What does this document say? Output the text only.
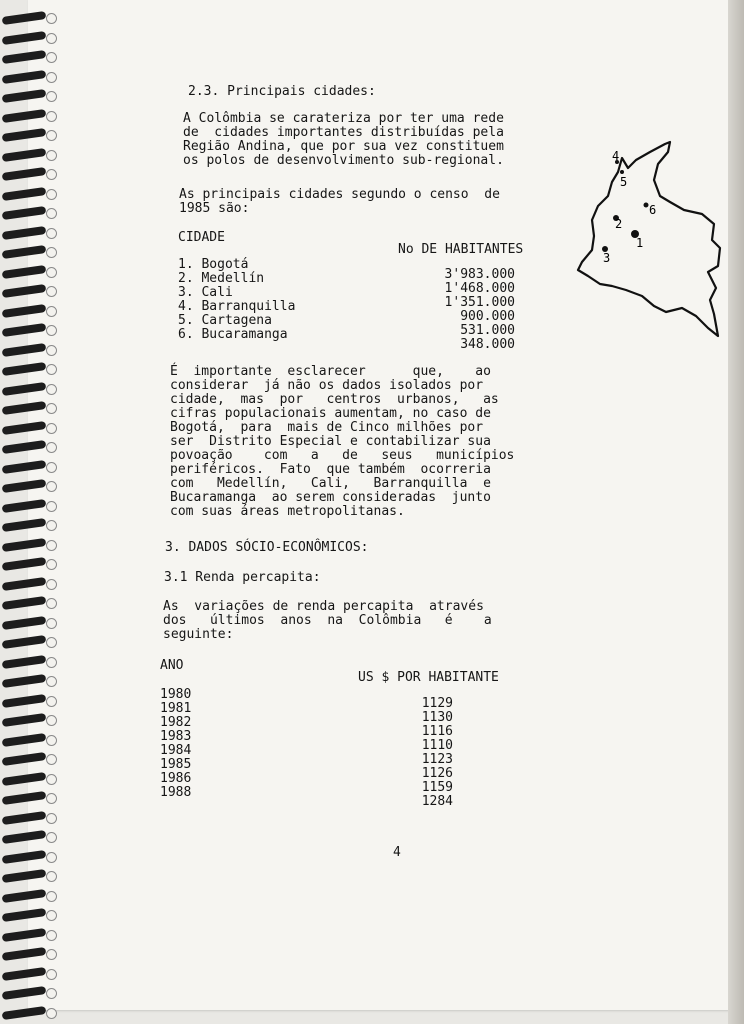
2.3. Principais cidades:
A Colômbia se carateriza por ter uma rede
de  cidades importantes distribuídas pela
Região Andina, que por sua vez constituem
os polos de desenvolvimento sub-regional.
As principais cidades segundo o censo  de
1985 são:
CIDADE
No DE HABITANTES
1. Bogotá
2. Medellín
3. Cali
4. Barranquilla
5. Cartagena
6. Bucaramanga
3'983.000
1'468.000
1'351.000
900.000
531.000
348.000
É  importante  esclarecer      que,    ao
considerar  já não os dados isolados por
cidade,  mas  por   centros  urbanos,   as
cifras populacionais aumentam, no caso de
Bogotá,  para  mais de Cinco milhões por
ser  Distrito Especial e contabilizar sua
povoação    com   a   de   seus   municípios
periféricos.  Fato  que também  ocorreria
com   Medellín,   Cali,   Barranquilla  e
Bucaramanga  ao serem consideradas  junto
com suas áreas metropolitanas.
3. DADOS SÓCIO-ECONÔMICOS:
3.1 Renda percapita:
As  variações de renda percapita  através
dos   últimos  anos  na  Colômbia   é    a
seguinte:
ANO
US $ POR HABITANTE
1980
1981
1982
1983
1984
1985
1986
1988
1129
1130
1116
1110
1123
1126
1159
1284
1
2
3
4
5
6
4
